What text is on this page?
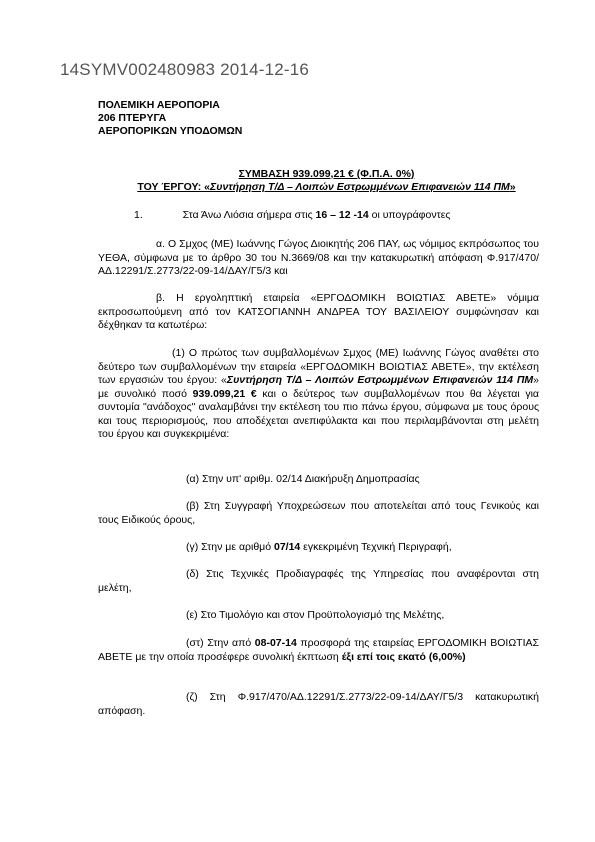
14SYMV002480983 2014-12-16
ΠΟΛΕΜΙΚΗ ΑΕΡΟΠΟΡΙΑ
206 ΠΤΕΡΥΓΑ
ΑΕΡΟΠΟΡΙΚΩΝ ΥΠΟΔΟΜΩΝ
ΣΥΜΒΑΣΗ 939.099,21 € (Φ.Π.Α. 0%)
ΤΟΥ ΈΡΓΟΥ: «Συντήρηση Τ/Δ – Λοιπών Εστρωμμένων Επιφανειών 114 ΠΜ»
1.	Στα Άνω Λιόσια σήμερα στις 16 – 12 -14 οι υπογράφοντες
α. Ο Σμχος (ΜΕ) Ιωάννης Γώγος Διοικητής 206 ΠΑΥ, ως νόμιμος εκπρόσωπος του ΥΕΘΑ, σύμφωνα με το άρθρο 30 του Ν.3669/08 και την κατακυρωτική απόφαση Φ.917/470/ΑΔ.12291/Σ.2773/22-09-14/ΔΑΥ/Γ5/3 και
β. Η εργοληπτική εταιρεία «ΕΡΓΟΔΟΜΙΚΗ ΒΟΙΩΤΙΑΣ ΑΒΕΤΕ» νόμιμα εκπροσωπούμενη από τον ΚΑΤΣΟΓΙΑΝΝΗ ΑΝΔΡΕΑ ΤΟΥ ΒΑΣΙΛΕΙΟΥ συμφώνησαν και δέχθηκαν τα κατωτέρω:
(1) Ο πρώτος των συμβαλλομένων Σμχος (ΜΕ) Ιωάννης Γώγος αναθέτει στο δεύτερο των συμβαλλομένων την εταιρεία «ΕΡΓΟΔΟΜΙΚΗ ΒΟΙΩΤΙΑΣ ΑΒΕΤΕ», την εκτέλεση των εργασιών του έργου: «Συντήρηση Τ/Δ – Λοιπών Εστρωμμένων Επιφανειών 114 ΠΜ» με συνολικό ποσό 939.099,21 € και ο δεύτερος των συμβαλλομένων που θα λέγεται για συντομία "ανάδοχος" αναλαμβάνει την εκτέλεση του πιο πάνω έργου, σύμφωνα με τους όρους και τους περιορισμούς, που αποδέχεται ανεπιφύλακτα και που περιλαμβάνονται στη μελέτη του έργου και συγκεκριμένα:
(α) Στην υπ' αριθμ. 02/14 Διακήρυξη Δημοπρασίας
(β) Στη Συγγραφή Υποχρεώσεων που αποτελείται από τους Γενικούς και τους Ειδικούς όρους,
(γ) Στην με αριθμό 07/14 εγκεκριμένη Τεχνική Περιγραφή,
(δ) Στις Τεχνικές Προδιαγραφές της Υπηρεσίας που αναφέρονται στη μελέτη,
(ε) Στο Τιμολόγιο και στον Προϋπολογισμό της Μελέτης,
(στ) Στην από 08-07-14 προσφορά της εταιρείας ΕΡΓΟΔΟΜΙΚΗ ΒΟΙΩΤΙΑΣ ΑΒΕΤΕ με την οποία προσέφερε συνολική έκπτωση έξι επί τοις εκατό (6,00%)
(ζ) Στη Φ.917/470/ΑΔ.12291/Σ.2773/22-09-14/ΔΑΥ/Γ5/3 κατακυρωτική απόφαση.
